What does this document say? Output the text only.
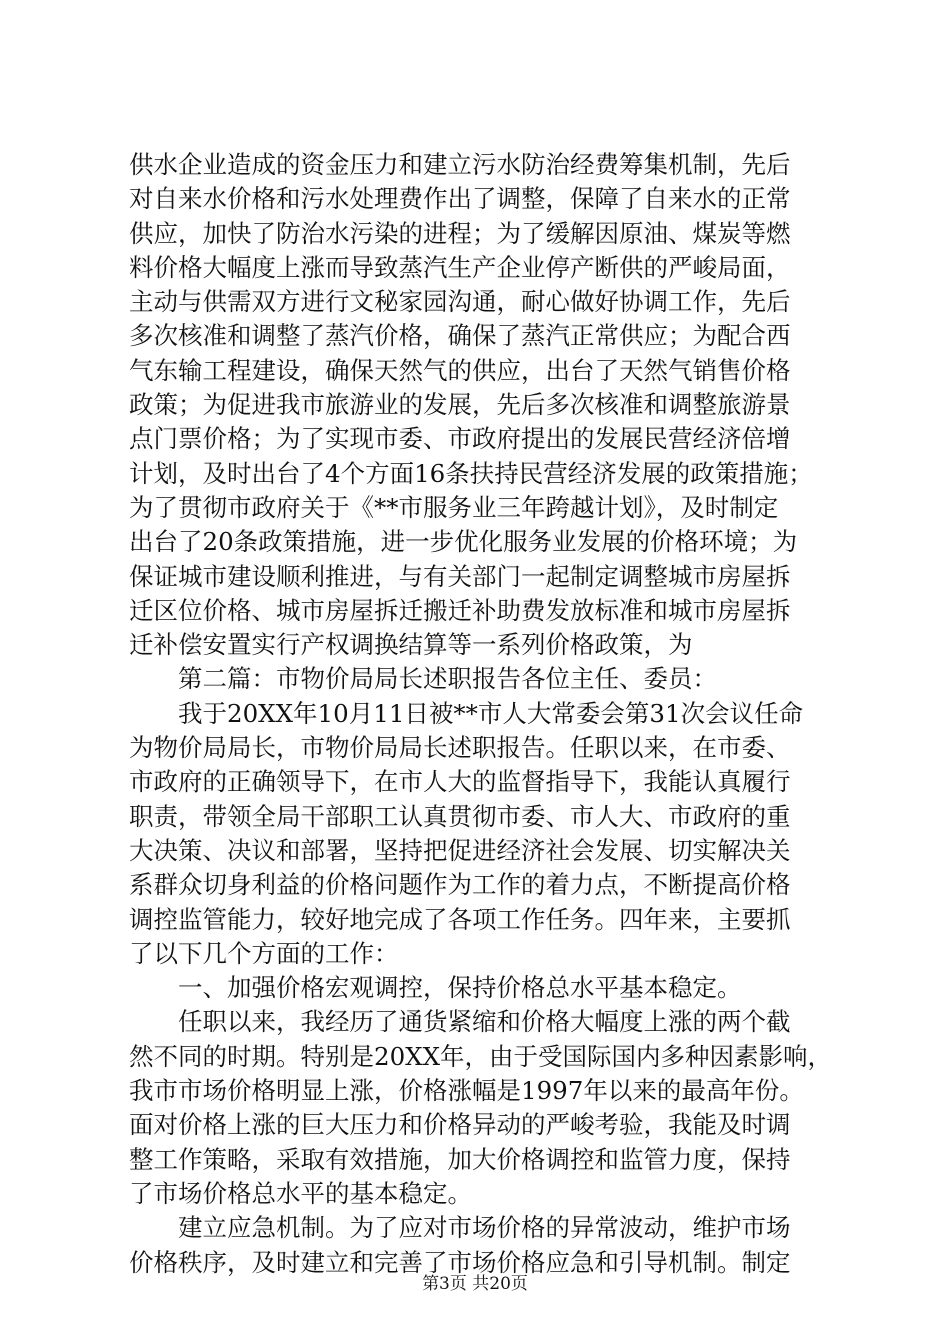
供水企业造成的资金压力和建立污水防治经费筹集机制，先后
对自来水价格和污水处理费作出了调整，保障了自来水的正常
供应，加快了防治水污染的进程；为了缓解因原油、煤炭等燃
料价格大幅度上涨而导致蒸汽生产企业停产断供的严峻局面，
主动与供需双方进行文秘家园沟通，耐心做好协调工作，先后
多次核准和调整了蒸汽价格，确保了蒸汽正常供应；为配合西
气东输工程建设，确保天然气的供应，出台了天然气销售价格
政策；为促进我市旅游业的发展，先后多次核准和调整旅游景
点门票价格；为了实现市委、市政府提出的发展民营经济倍增
计划，及时出台了4个方面16条扶持民营经济发展的政策措施；
为了贯彻市政府关于《**市服务业三年跨越计划》，及时制定
出台了20条政策措施，进一步优化服务业发展的价格环境；为
保证城市建设顺利推进，与有关部门一起制定调整城市房屋拆
迁区位价格、城市房屋拆迁搬迁补助费发放标准和城市房屋拆
迁补偿安置实行产权调换结算等一系列价格政策，为
　　第二篇：市物价局局长述职报告各位主任、委员：
　　我于20XX年10月11日被**市人大常委会第31次会议任命
为物价局局长，市物价局局长述职报告。任职以来，在市委、
市政府的正确领导下，在市人大的监督指导下，我能认真履行
职责，带领全局干部职工认真贯彻市委、市人大、市政府的重
大决策、决议和部署，坚持把促进经济社会发展、切实解决关
系群众切身利益的价格问题作为工作的着力点，不断提高价格
调控监管能力，较好地完成了各项工作任务。四年来，主要抓
了以下几个方面的工作：
　　一、加强价格宏观调控，保持价格总水平基本稳定。
　　任职以来，我经历了通货紧缩和价格大幅度上涨的两个截
然不同的时期。特别是20XX年，由于受国际国内多种因素影响，
我市市场价格明显上涨，价格涨幅是1997年以来的最高年份。
面对价格上涨的巨大压力和价格异动的严峻考验，我能及时调
整工作策略，采取有效措施，加大价格调控和监管力度，保持
了市场价格总水平的基本稳定。
　　建立应急机制。为了应对市场价格的异常波动，维护市场
价格秩序，及时建立和完善了市场价格应急和引导机制。制定
第3页 共20页
